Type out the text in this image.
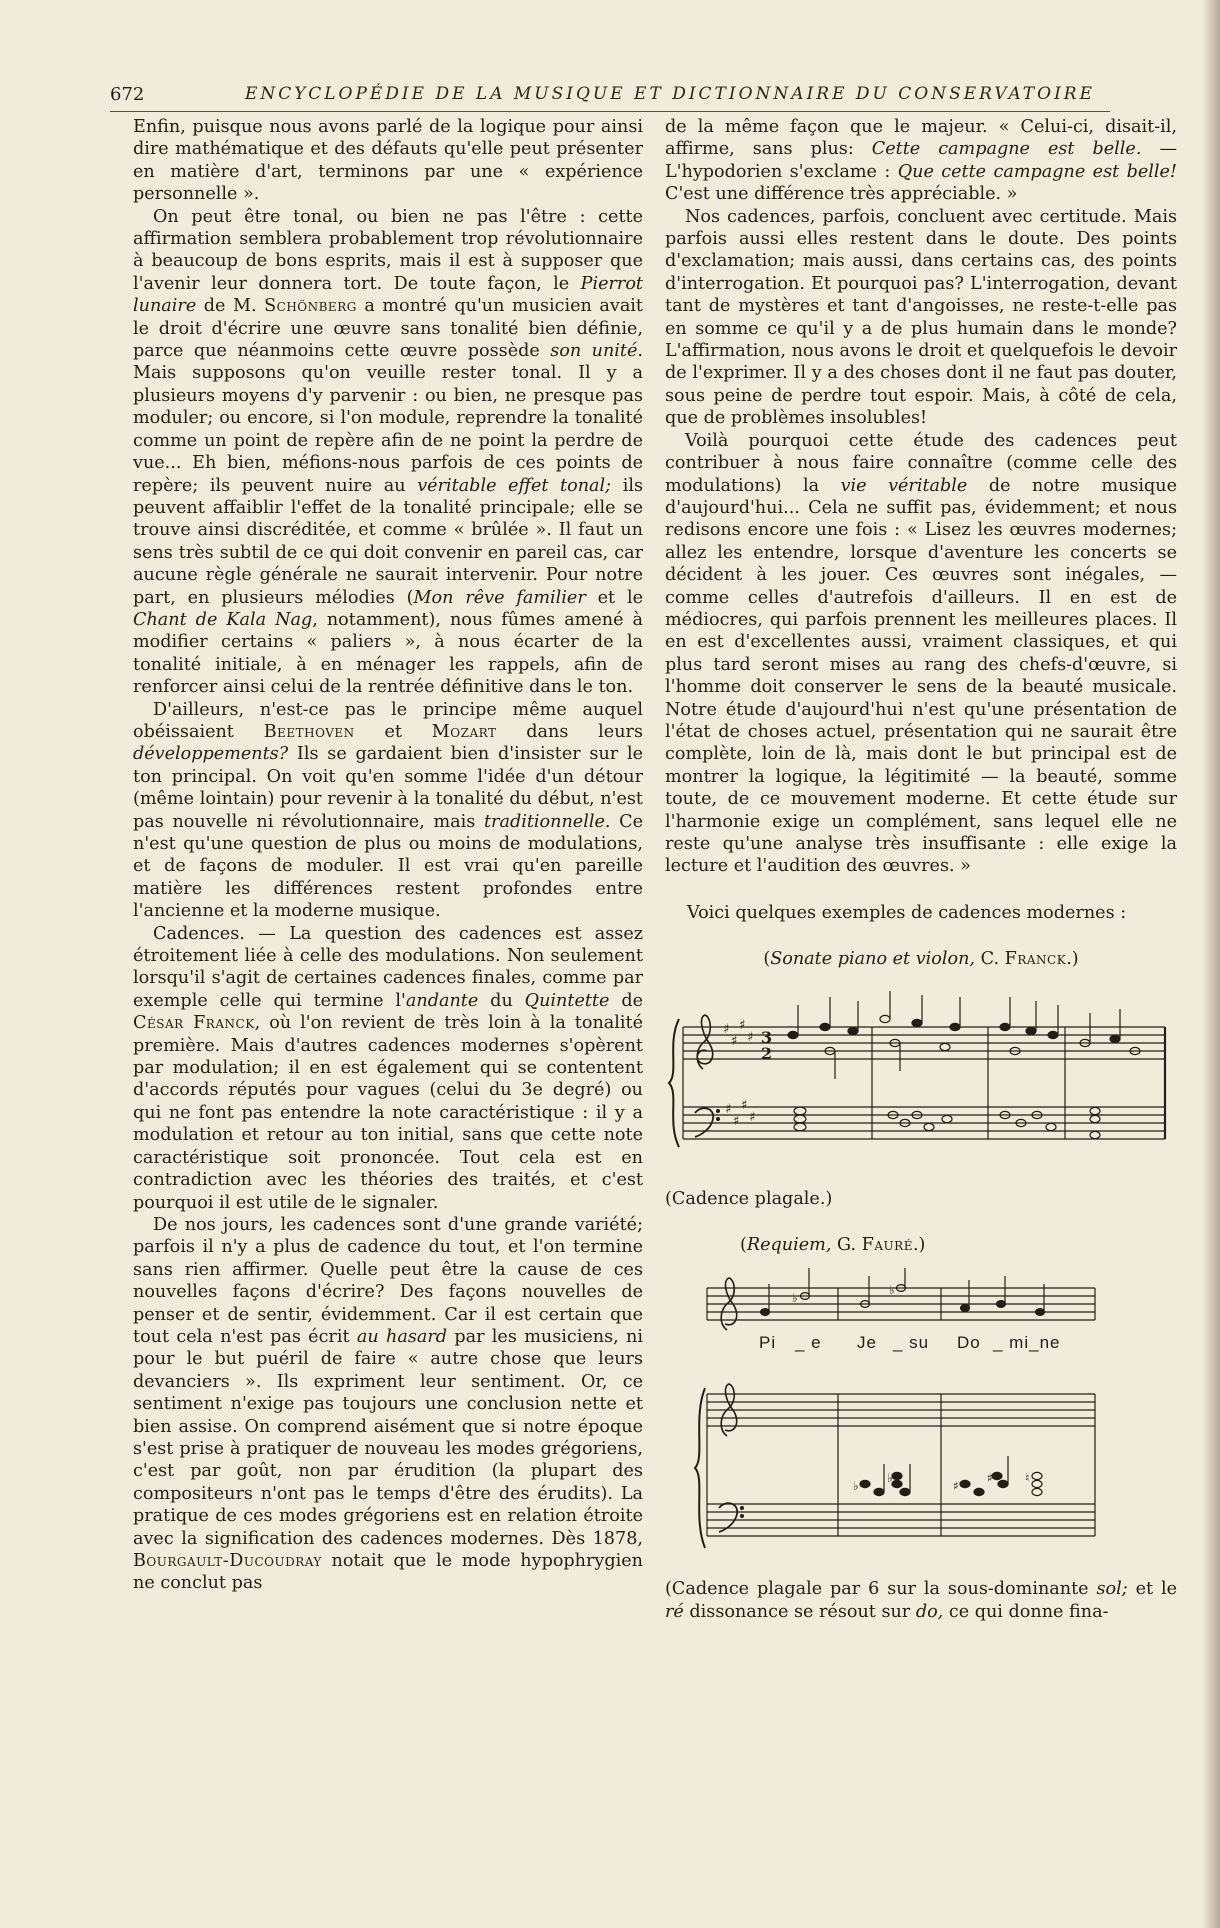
672	ENCYCLOPÉDIE DE LA MUSIQUE ET DICTIONNAIRE DU CONSERVATOIRE

Enfin, puisque nous avons parlé de la logique pour ainsi dire mathématique et des défauts qu'elle peut présenter en matière d'art, terminons par une « expérience personnelle ».

On peut être tonal, ou bien ne pas l'être : cette affirmation semblera probablement trop révolutionnaire à beaucoup de bons esprits, mais il est à supposer que l'avenir leur donnera tort. De toute façon, le Pierrot lunaire de M. Schönberg a montré qu'un musicien avait le droit d'écrire une œuvre sans tonalité bien définie, parce que néanmoins cette œuvre possède son unité. Mais supposons qu'on veuille rester tonal. Il y a plusieurs moyens d'y parvenir : ou bien, ne presque pas moduler; ou encore, si l'on module, reprendre la tonalité comme un point de repère afin de ne point la perdre de vue... Eh bien, méfions-nous parfois de ces points de repère; ils peuvent nuire au véritable effet tonal; ils peuvent affaiblir l'effet de la tonalité principale; elle se trouve ainsi discréditée, et comme « brûlée ». Il faut un sens très subtil de ce qui doit convenir en pareil cas, car aucune règle générale ne saurait intervenir. Pour notre part, en plusieurs mélodies (Mon rêve familier et le Chant de Kala Nag, notamment), nous fûmes amené à modifier certains « paliers », à nous écarter de la tonalité initiale, à en ménager les rappels, afin de renforcer ainsi celui de la rentrée définitive dans le ton.

D'ailleurs, n'est-ce pas le principe même auquel obéissaient Beethoven et Mozart dans leurs développements? Ils se gardaient bien d'insister sur le ton principal. On voit qu'en somme l'idée d'un détour (même lointain) pour revenir à la tonalité du début, n'est pas nouvelle ni révolutionnaire, mais traditionnelle. Ce n'est qu'une question de plus ou moins de modulations, et de façons de moduler. Il est vrai qu'en pareille matière les différences restent profondes entre l'ancienne et la moderne musique.

Cadences. — La question des cadences est assez étroitement liée à celle des modulations. Non seulement lorsqu'il s'agit de certaines cadences finales, comme par exemple celle qui termine l'andante du Quintette de César Franck, où l'on revient de très loin à la tonalité première. Mais d'autres cadences modernes s'opèrent par modulation; il en est également qui se contentent d'accords réputés pour vagues (celui du 3e degré) ou qui ne font pas entendre la note caractéristique : il y a modulation et retour au ton initial, sans que cette note caractéristique soit prononcée. Tout cela est en contradiction avec les théories des traités, et c'est pourquoi il est utile de le signaler.

De nos jours, les cadences sont d'une grande variété; parfois il n'y a plus de cadence du tout, et l'on termine sans rien affirmer. Quelle peut être la cause de ces nouvelles façons d'écrire? Des façons nouvelles de penser et de sentir, évidemment. Car il est certain que tout cela n'est pas écrit au hasard par les musiciens, ni pour le but puéril de faire « autre chose que leurs devanciers ». Ils expriment leur sentiment. Or, ce sentiment n'exige pas toujours une conclusion nette et bien assise. On comprend aisément que si notre époque s'est prise à pratiquer de nouveau les modes grégoriens, c'est par goût, non par érudition (la plupart des compositeurs n'ont pas le temps d'être des érudits). La pratique de ces modes grégoriens est en relation étroite avec la signification des cadences modernes. Dès 1878, Bourgault-Ducoudray notait que le mode hypophrygien ne conclut pas

de la même façon que le majeur. « Celui-ci, disait-il, affirme, sans plus: Cette campagne est belle. — L'hypodorien s'exclame : Que cette campagne est belle! C'est une différence très appréciable. »

Nos cadences, parfois, concluent avec certitude. Mais parfois aussi elles restent dans le doute. Des points d'exclamation; mais aussi, dans certains cas, des points d'interrogation. Et pourquoi pas? L'interrogation, devant tant de mystères et tant d'angoisses, ne reste-t-elle pas en somme ce qu'il y a de plus humain dans le monde? L'affirmation, nous avons le droit et quelquefois le devoir de l'exprimer. Il y a des choses dont il ne faut pas douter, sous peine de perdre tout espoir. Mais, à côté de cela, que de problèmes insolubles!

Voilà pourquoi cette étude des cadences peut contribuer à nous faire connaître (comme celle des modulations) la vie véritable de notre musique d'aujourd'hui... Cela ne suffit pas, évidemment; et nous redisons encore une fois : « Lisez les œuvres modernes; allez les entendre, lorsque d'aventure les concerts se décident à les jouer. Ces œuvres sont inégales, — comme celles d'autrefois d'ailleurs. Il en est de médiocres, qui parfois prennent les meilleures places. Il en est d'excellentes aussi, vraiment classiques, et qui plus tard seront mises au rang des chefs-d'œuvre, si l'homme doit conserver le sens de la beauté musicale. Notre étude d'aujourd'hui n'est qu'une présentation de l'état de choses actuel, présentation qui ne saurait être complète, loin de là, mais dont le but principal est de montrer la logique, la légitimité — la beauté, somme toute, de ce mouvement moderne. Et cette étude sur l'harmonie exige un complément, sans lequel elle ne reste qu'une analyse très insuffisante : elle exige la lecture et l'audition des œuvres. »

Voici quelques exemples de cadences modernes :

(Sonate piano et violon, C. Franck.)
♯
♯
♯
♯
♯
♯
♯
♯
3
2
(Cadence plagale.)
(Requiem, G. Fauré.)
♭
♭
♭
♭
♯
♯	♮
Pi _ e Je _ su Do _ mi_ne

(Cadence plagale par 6 sur la sous-dominante sol; et le ré dissonance se résout sur do, ce qui donne fina-
